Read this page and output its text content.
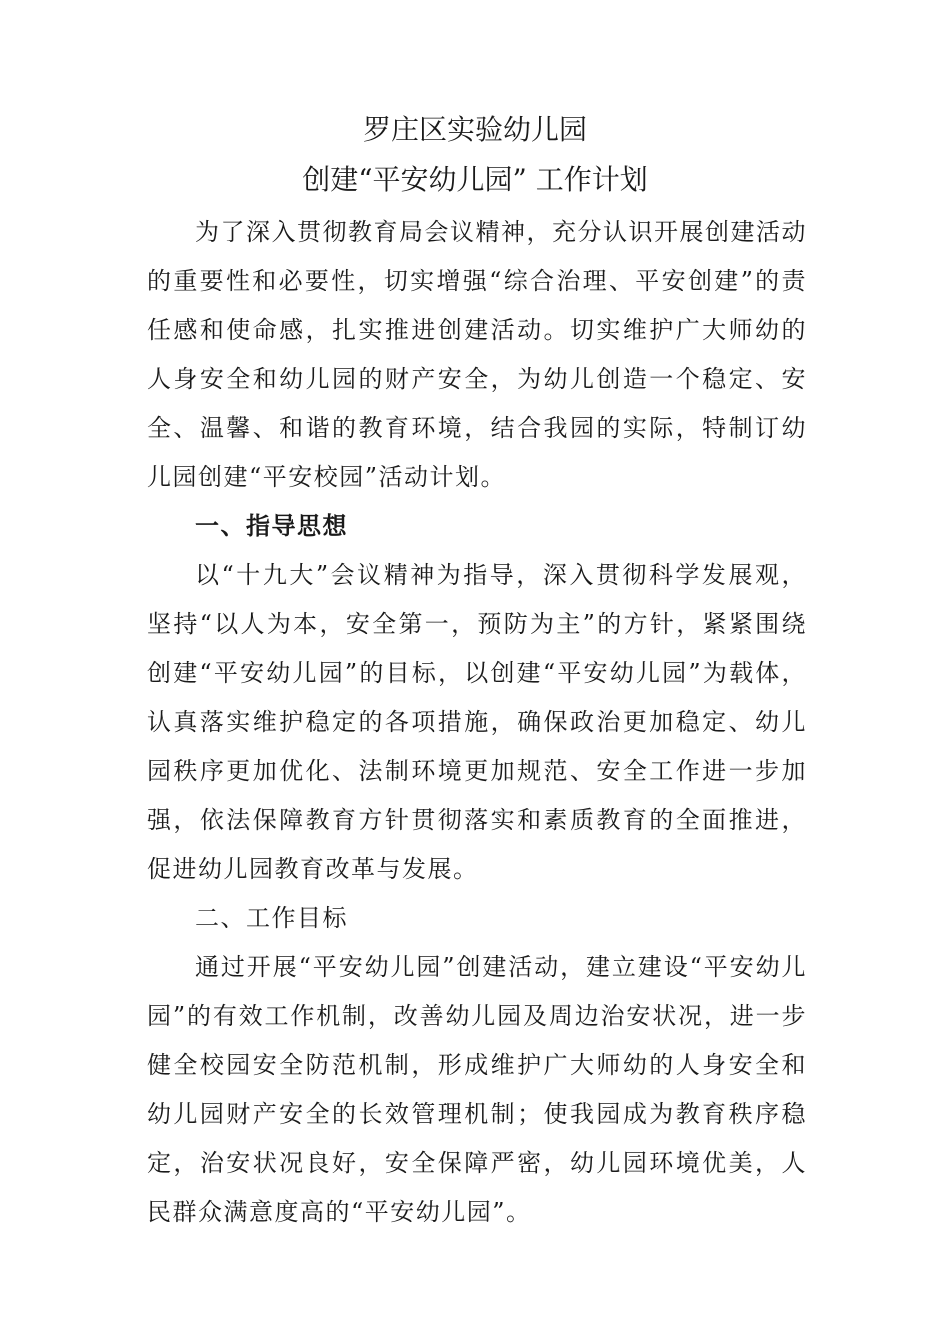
罗庄区实验幼儿园
创建“平安幼儿园” 工作计划

为了深入贯彻教育局会议精神，充分认识开展创建活动的重要性和必要性，切实增强“综合治理、平安创建”的责任感和使命感，扎实推进创建活动。切实维护广大师幼的人身安全和幼儿园的财产安全，为幼儿创造一个稳定、安全、温馨、和谐的教育环境，结合我园的实际，特制订幼儿园创建“平安校园”活动计划。

一、指导思想

以“十九大”会议精神为指导，深入贯彻科学发展观，坚持“以人为本，安全第一，预防为主”的方针，紧紧围绕创建“平安幼儿园”的目标，以创建“平安幼儿园”为载体，认真落实维护稳定的各项措施，确保政治更加稳定、幼儿园秩序更加优化、法制环境更加规范、安全工作进一步加强，依法保障教育方针贯彻落实和素质教育的全面推进，促进幼儿园教育改革与发展。

二、工作目标

通过开展“平安幼儿园”创建活动，建立建设“平安幼儿园”的有效工作机制，改善幼儿园及周边治安状况，进一步健全校园安全防范机制，形成维护广大师幼的人身安全和幼儿园财产安全的长效管理机制；使我园成为教育秩序稳定，治安状况良好，安全保障严密，幼儿园环境优美，人民群众满意度高的“平安幼儿园”。
